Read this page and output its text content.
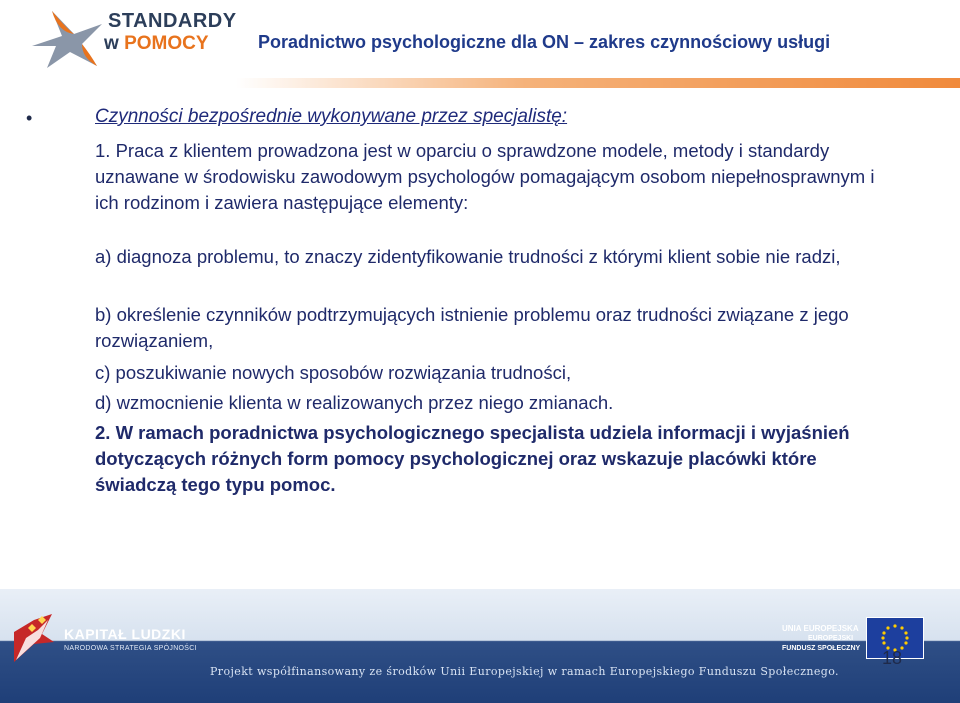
STANDARDY
w POMOCY	Poradnictwo psychologiczne dla ON – zakres czynnościowy usługi
•	Czynności bezpośrednie wykonywane przez specjalistę:
1. Praca z klientem prowadzona jest w oparciu o sprawdzone modele, metody i standardy uznawane w środowisku zawodowym psychologów pomagającym osobom niepełnosprawnym i ich rodzinom i zawiera następujące elementy:
a) diagnoza problemu, to znaczy zidentyfikowanie trudności z którymi klient sobie nie radzi,
b) określenie czynników podtrzymujących istnienie problemu oraz trudności związane z jego rozwiązaniem,
c) poszukiwanie nowych sposobów rozwiązania trudności,
d) wzmocnienie klienta w realizowanych przez niego zmianach.
2. W ramach poradnictwa psychologicznego specjalista udziela informacji i wyjaśnień dotyczących różnych form pomocy psychologicznej oraz wskazuje placówki które świadczą tego typu pomoc.
KAPITAŁ LUDZKI
NARODOWA STRATEGIA SPÓJNOŚCI
UNIA EUROPEJSKA
EUROPEJSKI
FUNDUSZ SPOŁECZNY
Projekt współfinansowany ze środków Unii Europejskiej w ramach Europejskiego Funduszu Społecznego.
18
